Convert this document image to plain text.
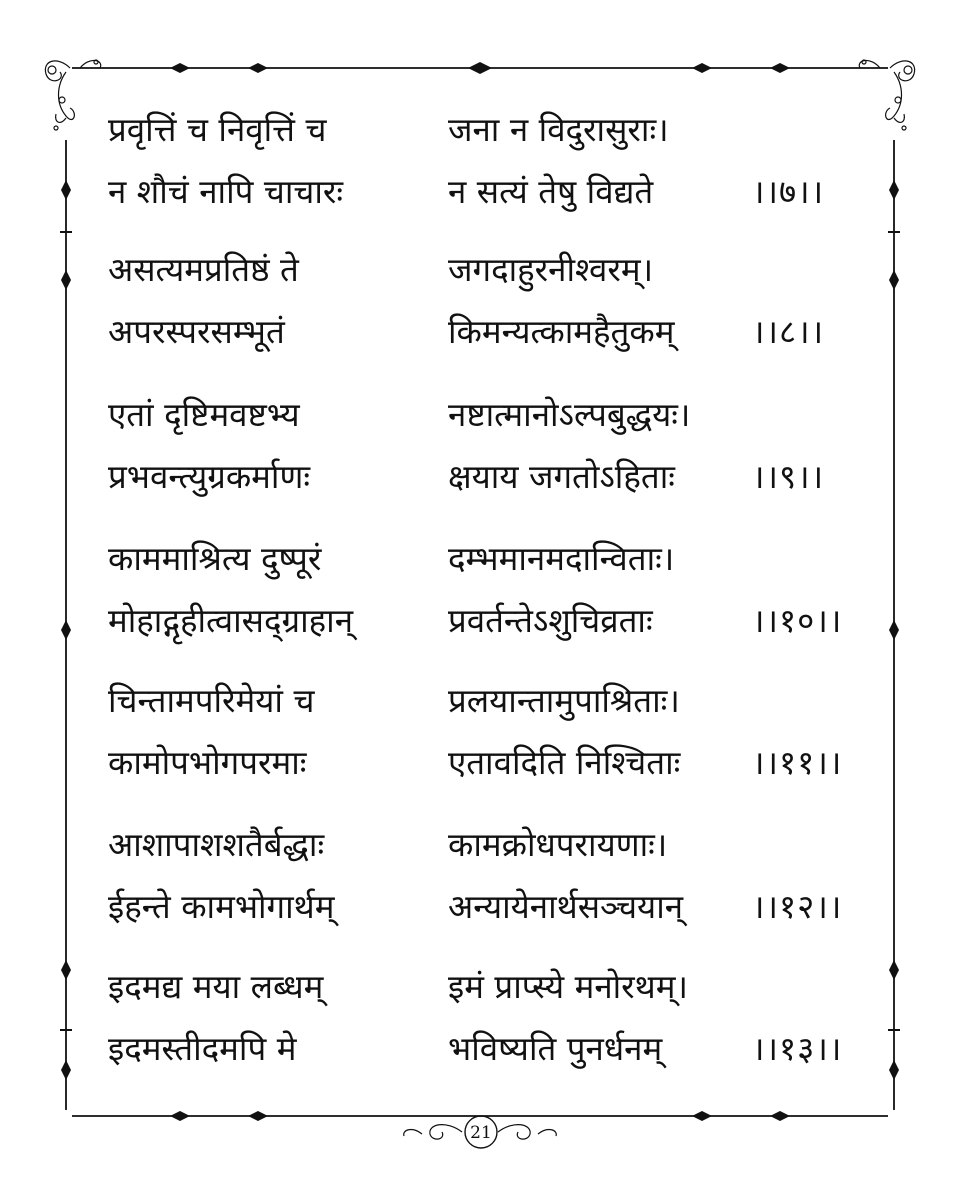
प्रवृत्तिं च निवृत्तिं च	जना न विदुरासुराः।
न शौचं नापि चाचारः	न सत्यं तेषु विद्यते	।।७।।
असत्यमप्रतिष्ठं ते	जगदाहुरनीश्वरम्।
अपरस्परसम्भूतं	किमन्यत्कामहैतुकम् ।।८।।
एतां दृष्टिमवष्टभ्य	नष्टात्मानोऽल्पबुद्धयः।
प्रभवन्त्युग्रकर्माणः	क्षयाय जगतोऽहिताः ।।९।।
काममाश्रित्य दुष्पूरं	दम्भमानमदान्विताः।
मोहाद्गृहीत्वासद्ग्राहान्	प्रवर्तन्तेऽशुचिव्रताः	।।१०।।
चिन्तामपरिमेयां च	प्रलयान्तामुपाश्रिताः।
कामोपभोगपरमाः	एतावदिति निश्चिताः ।।११।।
आशापाशशतैर्बद्धाः	कामक्रोधपरायणाः।
ईहन्ते कामभोगार्थम्	अन्यायेनार्थसञ्चयान् ।।१२।।
इदमद्य मया लब्धम्	इमं प्राप्स्ये मनोरथम्।
इदमस्तीदमपि मे	भविष्यति पुनर्धनम्	।।१३।।
21
